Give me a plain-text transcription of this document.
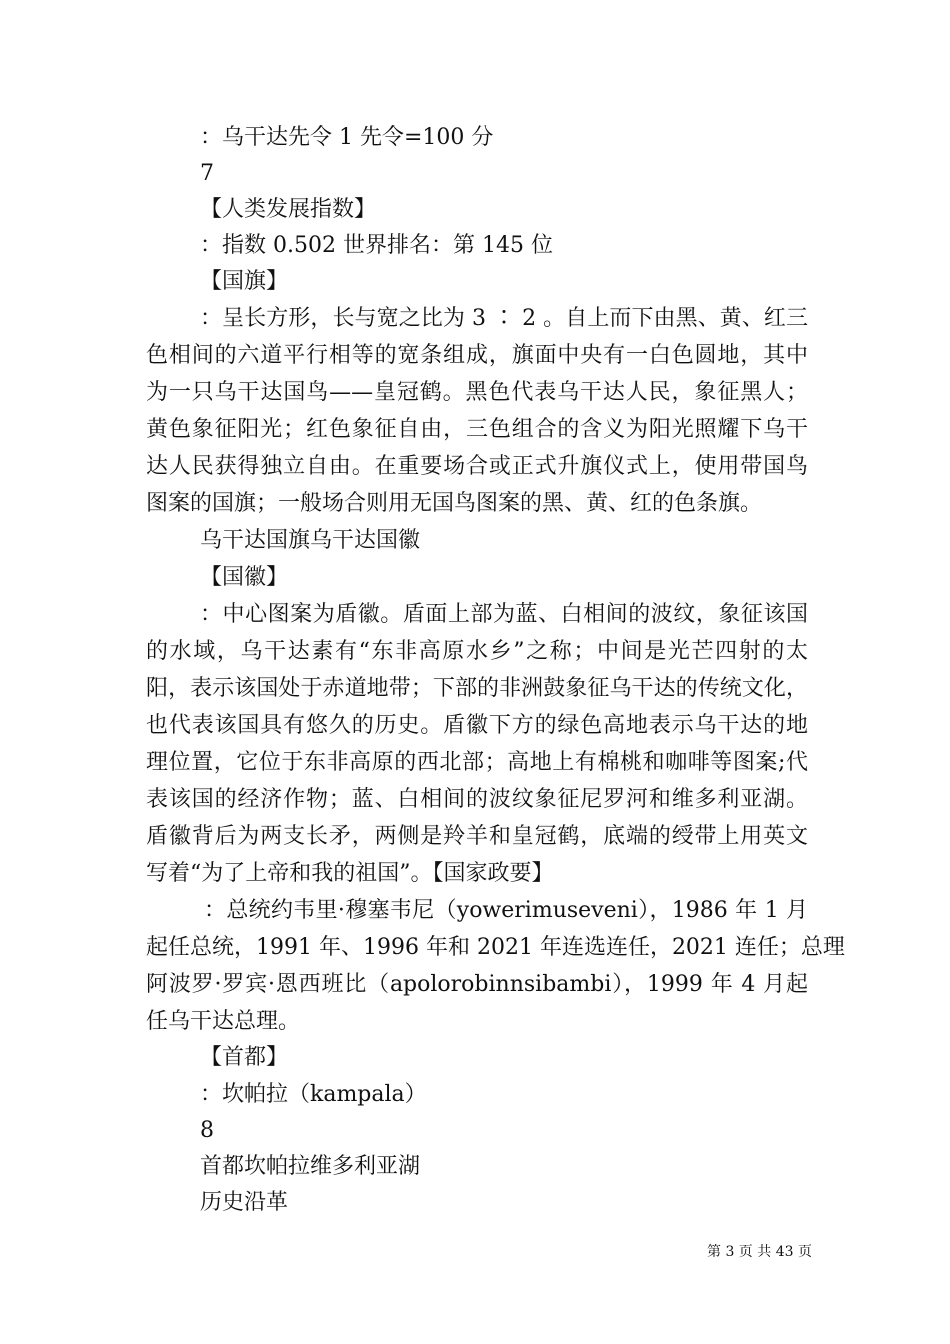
：乌干达先令 1 先令=100 分
7
【人类发展指数】
：指数 0.502 世界排名：第 145 位
【国旗】
：呈长方形，长与宽之比为 3 ∶ 2 。自上而下由黑、黄、红三
色相间的六道平行相等的宽条组成，旗面中央有一白色圆地，其中
为一只乌干达国鸟——皇冠鹤。黑色代表乌干达人民，象征黑人；
黄色象征阳光；红色象征自由，三色组合的含义为阳光照耀下乌干
达人民获得独立自由。在重要场合或正式升旗仪式上，使用带国鸟
图案的国旗；一般场合则用无国鸟图案的黑、黄、红的色条旗。
乌干达国旗乌干达国徽
【国徽】
：中心图案为盾徽。盾面上部为蓝、白相间的波纹，象征该国
的水域，乌干达素有“东非高原水乡”之称；中间是光芒四射的太
阳，表示该国处于赤道地带；下部的非洲鼓象征乌干达的传统文化，
也代表该国具有悠久的历史。盾徽下方的绿色高地表示乌干达的地
理位置，它位于东非高原的西北部；高地上有棉桃和咖啡等图案;代
表该国的经济作物；蓝、白相间的波纹象征尼罗河和维多利亚湖。
盾徽背后为两支长矛，两侧是羚羊和皇冠鹤，底端的绶带上用英文
写着“为了上帝和我的祖国”。【国家政要】
：总统约韦里·穆塞韦尼（yowerimuseveni），1986 年 1 月
起任总统，1991 年、1996 年和 2021 年连选连任，2021 连任；总理
阿波罗·罗宾·恩西班比（apolorobinnsibambi），1999 年 4 月起
任乌干达总理。
【首都】
：坎帕拉（kampala）
8
首都坎帕拉维多利亚湖
历史沿革
第 3 页 共 43 页
